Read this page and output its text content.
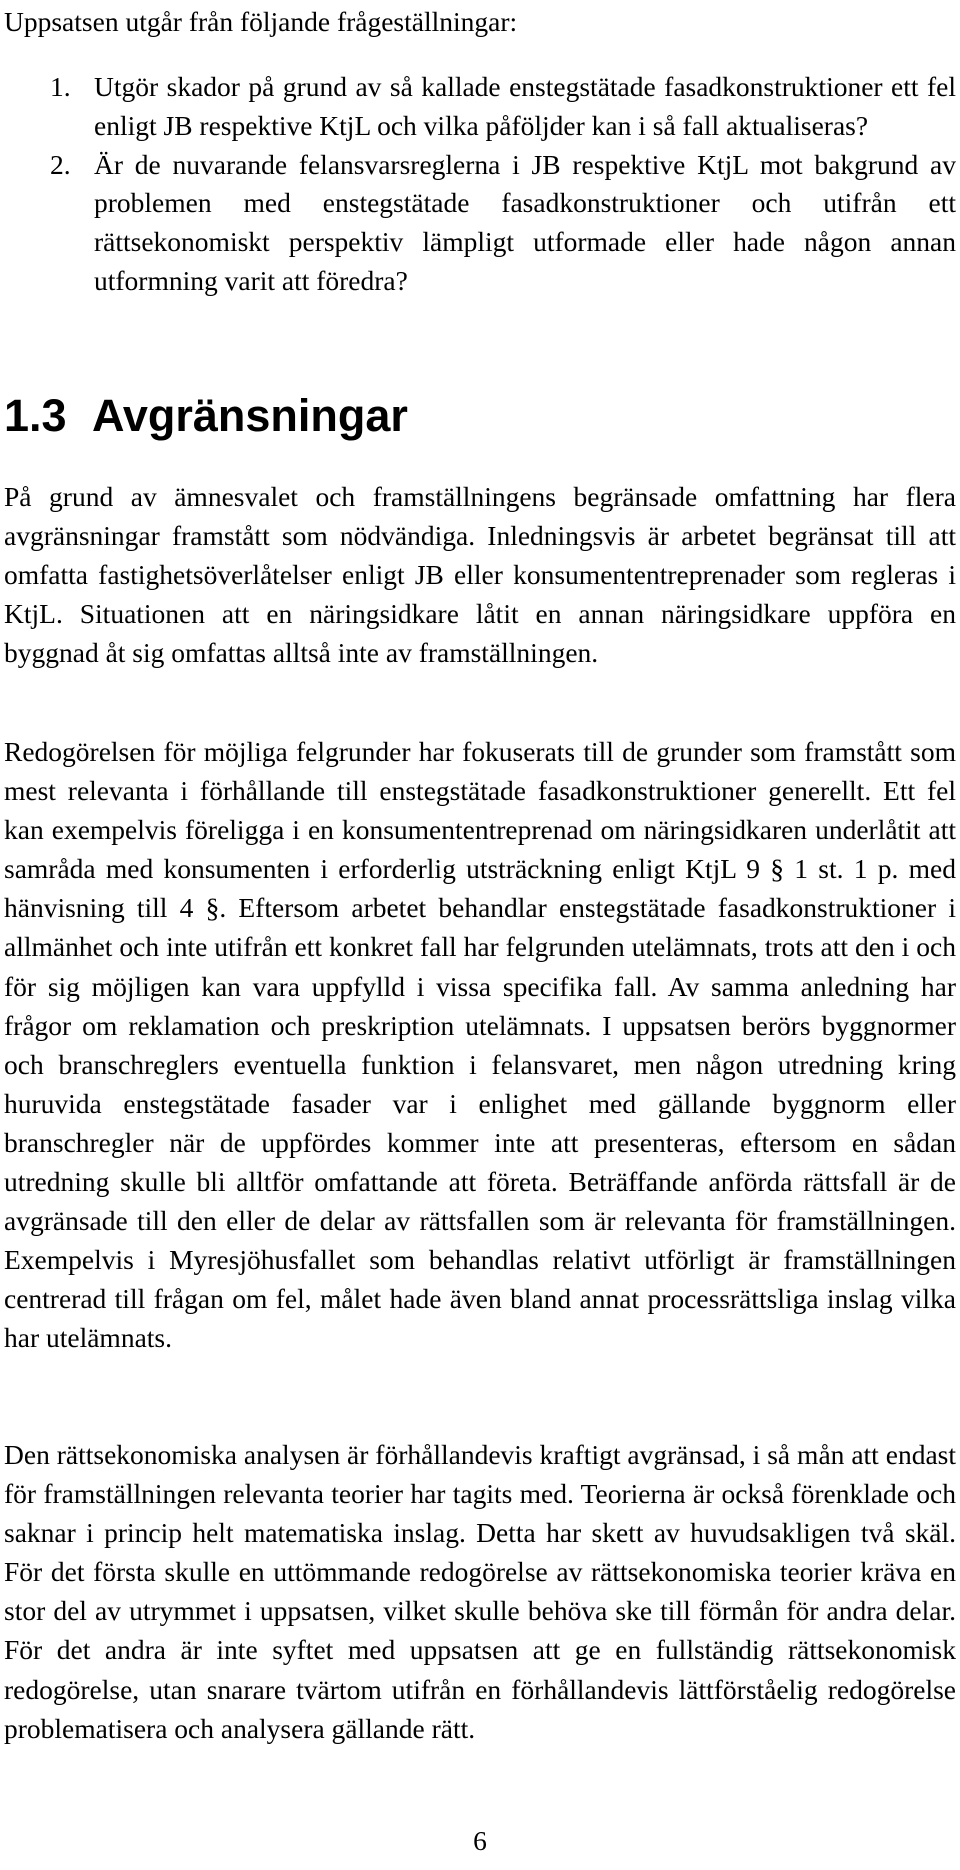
Uppsatsen utgår från följande frågeställningar:

1. Utgör skador på grund av så kallade enstegstätade fasadkonstruktioner ett fel enligt JB respektive KtjL och vilka påföljder kan i så fall aktualiseras?
2. Är de nuvarande felansvarsreglerna i JB respektive KtjL mot bakgrund av problemen med enstegstätade fasadkonstruktioner och utifrån ett rättsekonomiskt perspektiv lämpligt utformade eller hade någon annan utformning varit att föredra?
1.3 Avgränsningar

På grund av ämnesvalet och framställningens begränsade omfattning har flera avgränsningar framstått som nödvändiga. Inledningsvis är arbetet begränsat till att omfatta fastighetsöverlåtelser enligt JB eller konsumententreprenader som regleras i KtjL. Situationen att en näringsidkare låtit en annan näringsidkare uppföra en byggnad åt sig omfattas alltså inte av framställningen.

Redogörelsen för möjliga felgrunder har fokuserats till de grunder som framstått som mest relevanta i förhållande till enstegstätade fasadkonstruktioner generellt. Ett fel kan exempelvis föreligga i en konsumententreprenad om näringsidkaren underlåtit att samråda med konsumenten i erforderlig utsträckning enligt KtjL 9 § 1 st. 1 p. med hänvisning till 4 §. Eftersom arbetet behandlar enstegstätade fasadkonstruktioner i allmänhet och inte utifrån ett konkret fall har felgrunden utelämnats, trots att den i och för sig möjligen kan vara uppfylld i vissa specifika fall. Av samma anledning har frågor om reklamation och preskription utelämnats. I uppsatsen berörs byggnormer och branschreglers eventuella funktion i felansvaret, men någon utredning kring huruvida enstegstätade fasader var i enlighet med gällande byggnorm eller branschregler när de uppfördes kommer inte att presenteras, eftersom en sådan utredning skulle bli alltför omfattande att företa. Beträffande anförda rättsfall är de avgränsade till den eller de delar av rättsfallen som är relevanta för framställningen. Exempelvis i Myresjöhusfallet som behandlas relativt utförligt är framställningen centrerad till frågan om fel, målet hade även bland annat processrättsliga inslag vilka har utelämnats.

Den rättsekonomiska analysen är förhållandevis kraftigt avgränsad, i så mån att endast för framställningen relevanta teorier har tagits med. Teorierna är också förenklade och saknar i princip helt matematiska inslag. Detta har skett av huvudsakligen två skäl. För det första skulle en uttömmande redogörelse av rättsekonomiska teorier kräva en stor del av utrymmet i uppsatsen, vilket skulle behöva ske till förmån för andra delar. För det andra är inte syftet med uppsatsen att ge en fullständig rättsekonomisk redogörelse, utan snarare tvärtom utifrån en förhållandevis lättförståelig redogörelse problematisera och analysera gällande rätt.

6
